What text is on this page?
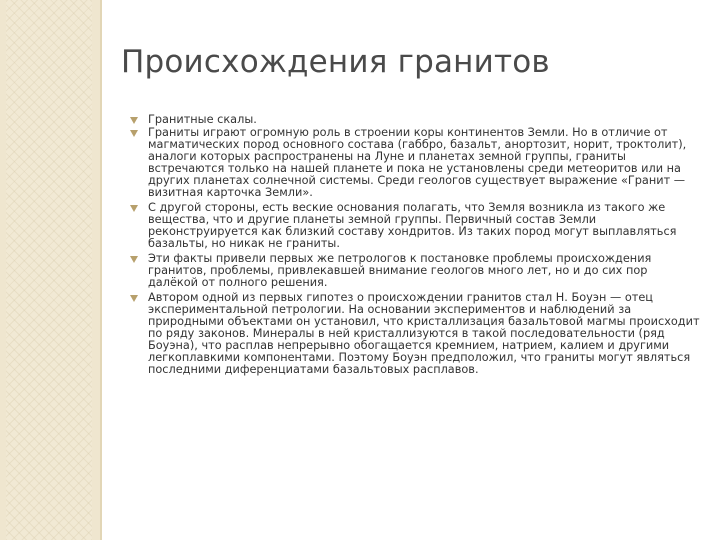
Происхождения гранитов
Гранитные скалы.
Граниты играют огромную роль в строении коры континентов Земли. Но в отличие от магматических пород основного состава (габбро, базальт, анортозит, норит, троктолит), аналоги которых распространены на Луне и планетах земной группы, граниты встречаются только на нашей планете и пока не установлены среди метеоритов или на других планетах солнечной системы. Среди геологов существует выражение «Гранит — визитная карточка Земли».
С другой стороны, есть веские основания полагать, что Земля возникла из такого же вещества, что и другие планеты земной группы. Первичный состав Земли реконструируется как близкий составу хондритов. Из таких пород могут выплавляться базальты, но никак не граниты.
Эти факты привели первых же петрологов к постановке проблемы происхождения гранитов, проблемы, привлекавшей внимание геологов много лет, но и до сих пор далёкой от полного решения.
Автором одной из первых гипотез о происхождении гранитов стал Н. Боуэн — отец экспериментальной петрологии. На основании экспериментов и наблюдений за природными объектами он установил, что кристаллизация базальтовой магмы происходит по ряду законов. Минералы в ней кристаллизуются в такой последовательности (ряд Боуэна), что расплав непрерывно обогащается кремнием, натрием, калием и другими легкоплавкими компонентами. Поэтому Боуэн предположил, что граниты могут являться последними диференциатами базальтовых расплавов.
